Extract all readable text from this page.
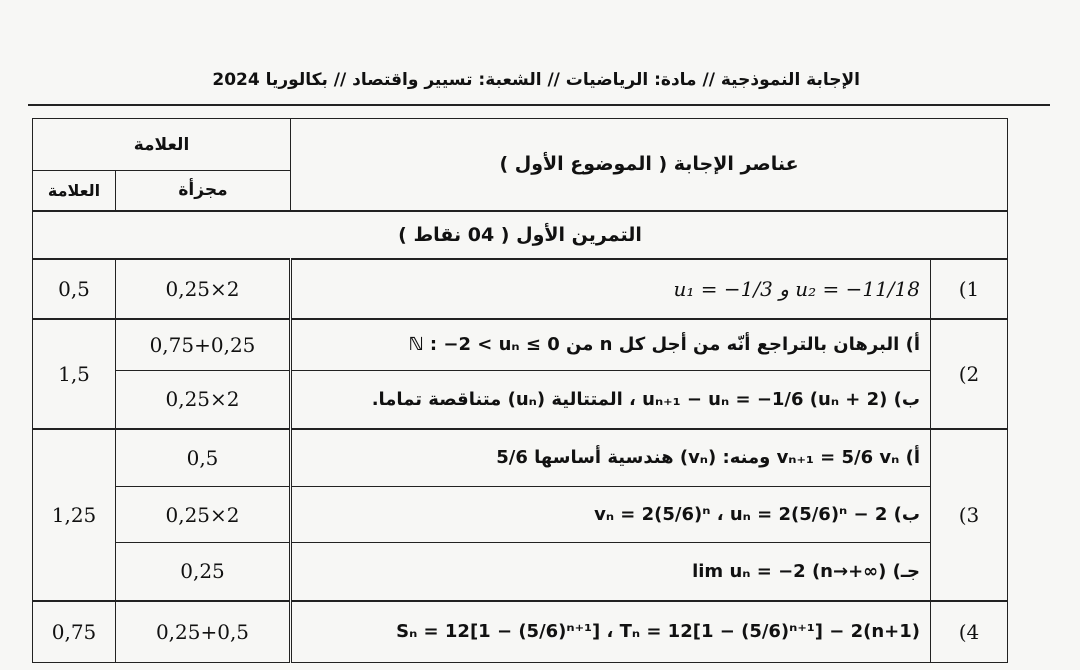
الإجابة النموذجية // مادة: الرياضيات // الشعبة: تسيير واقتصاد // بكالوريا 2024
العلامة		عناصر الإجابة ( الموضوع الأول )	
العلامة	مجزأة		
التمرين الأول ( 04 نقاط )			
0,5	0,25×2	u₁ = −1/3 و u₂ = −11/18	(1
1,5	0,75+0,25	أ) البرهان بالتراجع أنّه من أجل كل n من ℕ : −2 < uₙ ≤ 0	(2
	0,25×2	ب) uₙ₊₁ − uₙ = −1/6 (uₙ + 2) ، المتتالية (uₙ) متناقصة تماما.	
1,25	0,5	أ) vₙ₊₁ = 5/6 vₙ ومنه: (vₙ) هندسية أساسها 5/6	(3
	0,25×2	ب) vₙ = 2(5/6)ⁿ ، uₙ = 2(5/6)ⁿ − 2	
	0,25	جـ) lim uₙ = −2 (n→+∞)	
0,75	0,25+0,5	Sₙ = 12[1 − (5/6)ⁿ⁺¹] ، Tₙ = 12[1 − (5/6)ⁿ⁺¹] − 2(n+1)	(4
